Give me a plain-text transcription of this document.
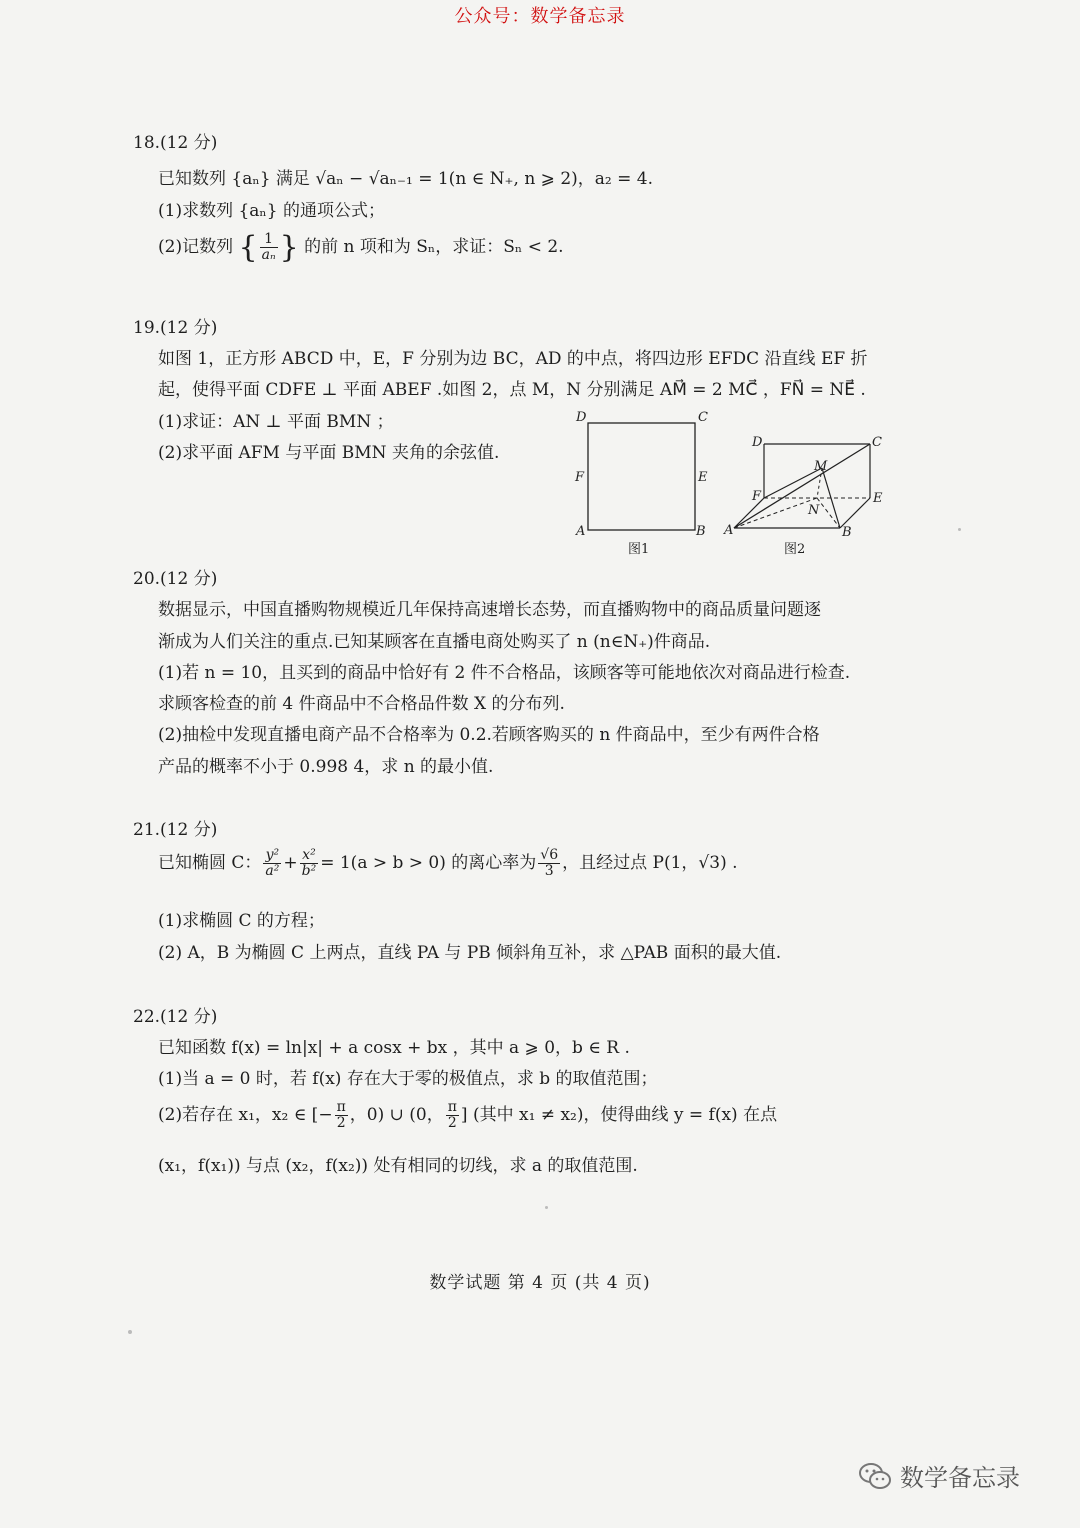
公众号：数学备忘录
18.(12 分)
已知数列 {aₙ} 满足 √aₙ − √aₙ₋₁ = 1(n ∈ N₊, n ⩾ 2)，a₂ = 4.
(1)求数列 {aₙ} 的通项公式；
(2)记数列 { $\frac{1}{\text{aₙ}}$ } 的前 n 项和为 Sₙ，求证：Sₙ < 2.
19.(12 分)
如图 1，正方形 ABCD 中，E，F 分别为边 BC，AD 的中点，将四边形 EFDC 沿直线 EF 折
起，使得平面 CDFE ⊥ 平面 ABEF .如图 2，点 M，N 分别满足 AM⃗ = 2 MC⃗ ，FN⃗ = NE⃗ .
(1)求证：AN ⊥ 平面 BMN ；
(2)求平面 AFM 与平面 BMN 夹角的余弦值.
D	C
F	E
A	B
图1
D	C
M
F	E
N
A	B
图2
20.(12 分)
数据显示，中国直播购物规模近几年保持高速增长态势，而直播购物中的商品质量问题逐
渐成为人们关注的重点.已知某顾客在直播电商处购买了 n (n∈N₊)件商品.
(1)若 n = 10，且买到的商品中恰好有 2 件不合格品，该顾客等可能地依次对商品进行检查.
求顾客检查的前 4 件商品中不合格品件数 X 的分布列.
(2)抽检中发现直播电商产品不合格率为 0.2.若顾客购买的 n 件商品中，至少有两件合格
产品的概率不小于 0.998 4，求 n 的最小值.
21.(12 分)
已知椭圆 C： $\frac{\text{y²}}{\text{a²}} + \frac{\text{x²}}{\text{b²}} = 1(a > b > 0)$ 的离心率为 $\frac{√6}{3}$ ，且经过点 P(1，√3) .
(1)求椭圆 C 的方程；
(2) A，B 为椭圆 C 上两点，直线 PA 与 PB 倾斜角互补，求 △PAB 面积的最大值.
22.(12 分)
已知函数 f(x) = ln|x| + a cosx + bx ，其中 a ⩾ 0，b ∈ R .
(1)当 a = 0 时，若 f(x) 存在大于零的极值点，求 b 的取值范围；
(2)若存在 x₁，x₂ ∈ [− $\frac{\pi}{2}$ ，0) ∪ (0， $\frac{\pi}{2}$ ] (其中 x₁ ≠ x₂)，使得曲线 y = f(x) 在点
(x₁，f(x₁)) 与点 (x₂，f(x₂)) 处有相同的切线，求 a 的取值范围.
数学试题 第 4 页 (共 4 页)
数学备忘录
